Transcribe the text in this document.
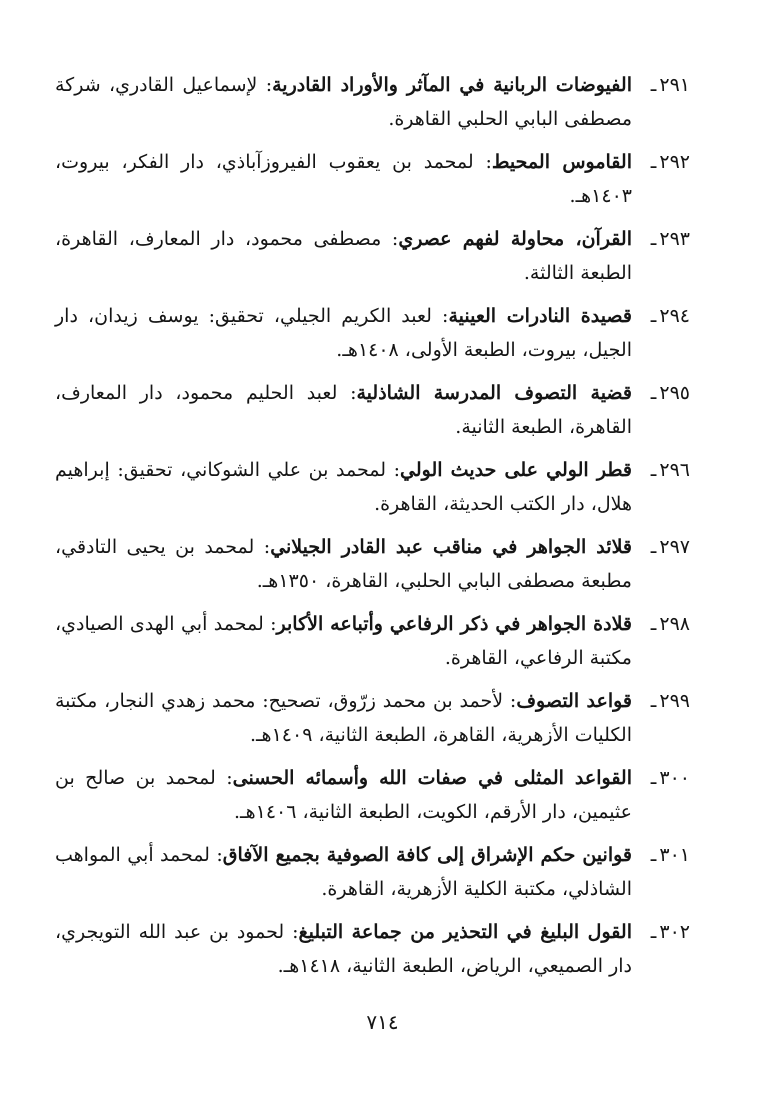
٢٩١ـ
الفيوضات الربانية في المآثر والأوراد القادرية: لإسماعيل القادري، شركة مصطفى البابي الحلبي القاهرة.
٢٩٢ـ
القاموس المحيط: لمحمد بن يعقوب الفيروزآباذي، دار الفكر، بيروت، ١٤٠٣هـ.
٢٩٣ـ
القرآن، محاولة لفهم عصري: مصطفى محمود، دار المعارف، القاهرة، الطبعة الثالثة.
٢٩٤ـ
قصيدة النادرات العينية: لعبد الكريم الجيلي، تحقيق: يوسف زيدان، دار الجيل، بيروت، الطبعة الأولى، ١٤٠٨هـ.
٢٩٥ـ
قضية التصوف المدرسة الشاذلية: لعبد الحليم محمود، دار المعارف، القاهرة، الطبعة الثانية.
٢٩٦ـ
قطر الولي على حديث الولي: لمحمد بن علي الشوكاني، تحقيق: إبراهيم هلال، دار الكتب الحديثة، القاهرة.
٢٩٧ـ
قلائد الجواهر في مناقب عبد القادر الجيلاني: لمحمد بن يحيى التادقي، مطبعة مصطفى البابي الحلبي، القاهرة، ١٣٥٠هـ.
٢٩٨ـ
قلادة الجواهر في ذكر الرفاعي وأتباعه الأكابر: لمحمد أبي الهدى الصيادي، مكتبة الرفاعي، القاهرة.
٢٩٩ـ
قواعد التصوف: لأحمد بن محمد زرّوق، تصحيح: محمد زهدي النجار، مكتبة الكليات الأزهرية، القاهرة، الطبعة الثانية، ١٤٠٩هـ.
٣٠٠ـ
القواعد المثلى في صفات الله وأسمائه الحسنى: لمحمد بن صالح بن عثيمين، دار الأرقم، الكويت، الطبعة الثانية، ١٤٠٦هـ.
٣٠١ـ
قوانين حكم الإشراق إلى كافة الصوفية بجميع الآفاق: لمحمد أبي المواهب الشاذلي، مكتبة الكلية الأزهرية، القاهرة.
٣٠٢ـ
القول البليغ في التحذير من جماعة التبليغ: لحمود بن عبد الله التويجري، دار الصميعي، الرياض، الطبعة الثانية، ١٤١٨هـ.
٧١٤
